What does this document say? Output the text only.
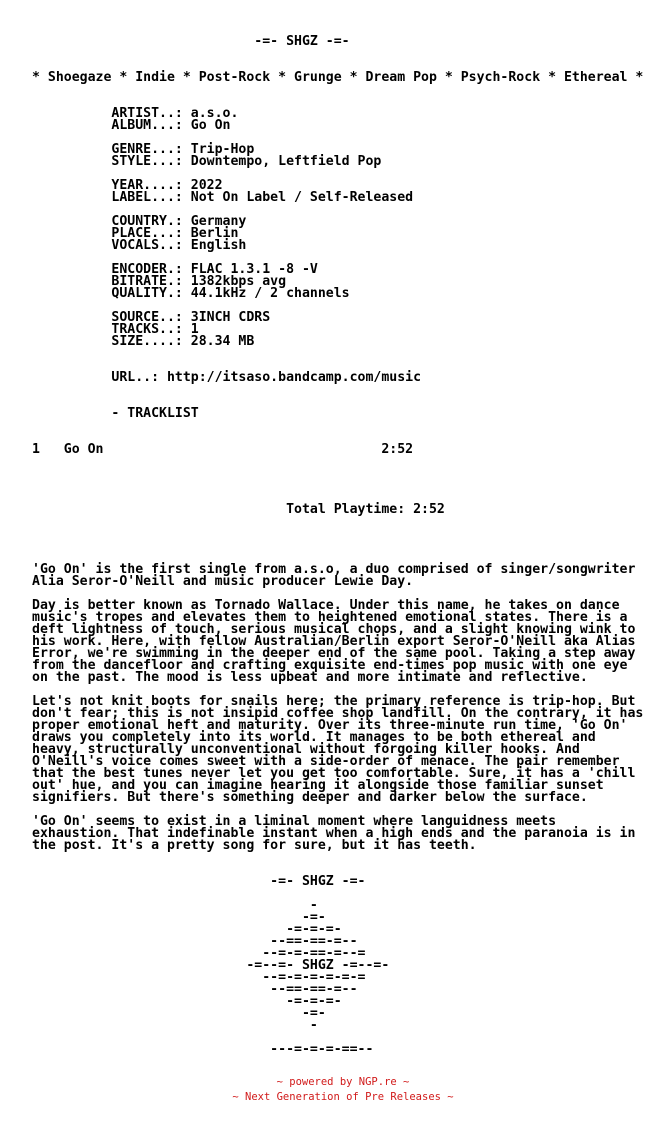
-=- SHGZ -=-

* Shoegaze * Indie * Post-Rock * Grunge * Dream Pop * Psych-Rock * Ethereal *

ARTIST..: a.s.o.
ALBUM...: Go On

GENRE...: Trip-Hop
STYLE...: Downtempo, Leftfield Pop

YEAR....: 2022
LABEL...: Not On Label / Self-Released

COUNTRY.: Germany
PLACE...: Berlin
VOCALS..: English

ENCODER.: FLAC 1.3.1 -8 -V
BITRATE.: 1382kbps avg
QUALITY.: 44.1kHz / 2 channels

SOURCE..: 3INCH CDRS
TRACKS..: 1
SIZE....: 28.34 MB

URL..: http://itsaso.bandcamp.com/music

- TRACKLIST

1   Go On                                   2:52

Total Playtime: 2:52

'Go On' is the first single from a.s.o, a duo comprised of singer/songwriter
Alia Seror-O'Neill and music producer Lewie Day.

Day is better known as Tornado Wallace. Under this name, he takes on dance
music's tropes and elevates them to heightened emotional states. There is a
deft lightness of touch, serious musical chops, and a slight knowing wink to
his work. Here, with fellow Australian/Berlin export Seror-O'Neill aka Alias
Error, we're swimming in the deeper end of the same pool. Taking a step away
from the dancefloor and crafting exquisite end-times pop music with one eye
on the past. The mood is less upbeat and more intimate and reflective.

Let's not knit boots for snails here; the primary reference is trip-hop. But
don't fear; this is not insipid coffee shop landfill. On the contrary, it has
proper emotional heft and maturity. Over its three-minute run time, 'Go On'
draws you completely into its world. It manages to be both ethereal and
heavy, structurally unconventional without forgoing killer hooks. And
O'Neill's voice comes sweet with a side-order of menace. The pair remember
that the best tunes never let you get too comfortable. Sure, it has a 'chill
out' hue, and you can imagine hearing it alongside those familiar sunset
signifiers. But there's something deeper and darker below the surface.

'Go On' seems to exist in a liminal moment where languidness meets
exhaustion. That indefinable instant when a high ends and the paranoia is in
the post. It's a pretty song for sure, but it has teeth.

-=- SHGZ -=-

-
-=-
-=-=-=-
--==-==-=--
--=-=-==-=--=
-=--=- SHGZ -=--=-
--=-=-=-=-=-=
--==-==-=--
-=-=-=-
-=-
-

---=-=-=-==--
~ powered by NGP.re ~
~ Next Generation of Pre Releases ~
